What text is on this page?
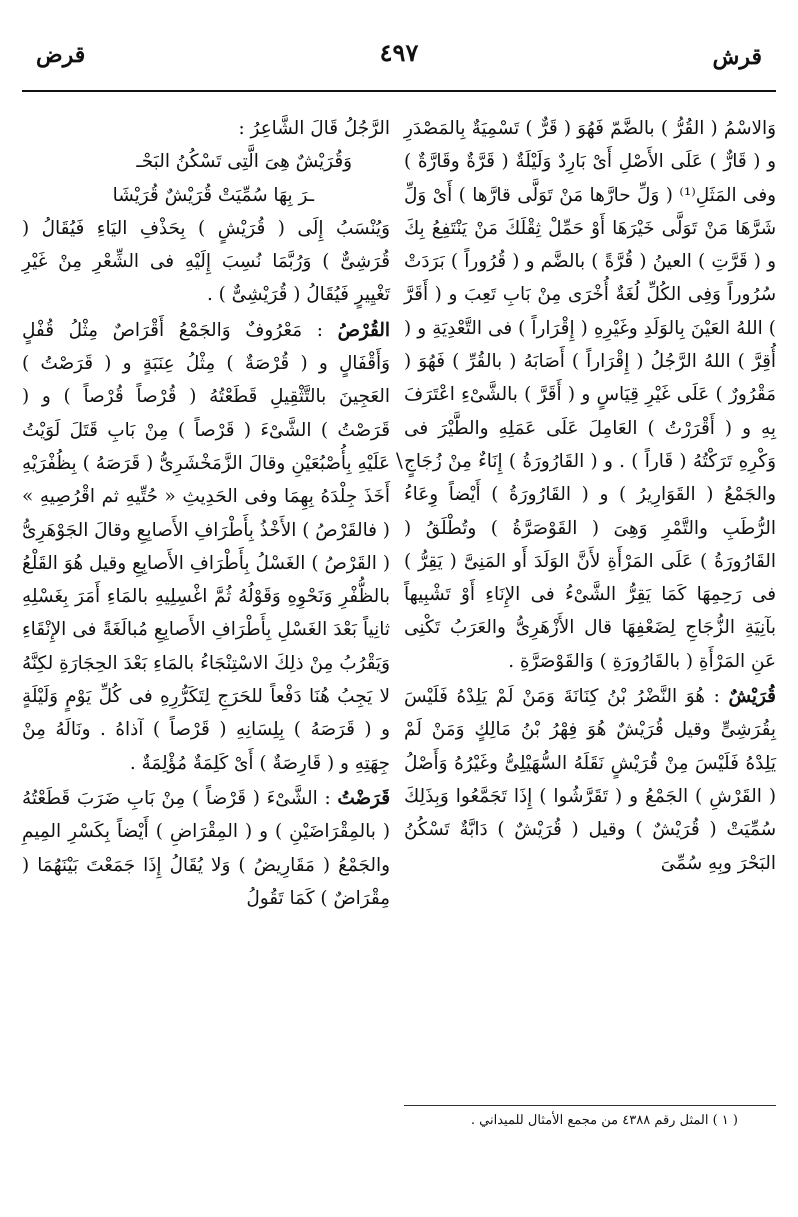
قرش
٤٩٧
قرض

وَالاسْمُ ( القُرُّ ) بالضَّمّ فَهُوَ ( قَرٌّ ) تَسْمِيَةٌ بِالمَصْدَرِ و ( قَارٌّ ) عَلَى الأَصْلِ أَىْ بَارِدٌ وَلَيْلَةٌ ( قَرَّةٌ وقَارَّةٌ ) وفى المَثَلِ⁽¹⁾ ( وَلِّ حارَّها مَنْ تَوَلَّى قارَّها ) أَىْ وَلِّ شَرَّهَا مَنْ تَوَلَّى خَيْرَهَا أَوْ حَمِّلْ ثِقْلَكَ مَنْ يَنْتَفِعُ بِكَ و ( قَرَّتِ ) العينُ ( قُرَّةً ) بالضَّم و ( قُرُوراً ) بَرَدَتْ سُرُوراً وَفِى الكُلِّ لُغَةٌ أُخْرَى مِنْ بَابِ تَعِبَ و ( أَقَرَّ ) اللهُ العَيْنَ بِالوَلَدِ وغَيْرِهِ ( إِقْرَاراً ) فى التَّعْدِيَةِ و ( أُقِرَّ ) اللهُ الرَّجُلُ ( إِقْرَاراً ) أَصَابَهُ ( بالقُرِّ ) فَهُوَ ( مَقْرُورٌ ) عَلَى غَيْرِ قِيَاسٍ و ( أَقَرَّ ) بالشَّىْءِ اعْتَرَفَ بِهِ و ( أَقْرَرْتُ ) العَامِلَ عَلَى عَمَلِهِ والطَّيْرَ فى وَكْرِهِ تَرَكْتُهُ ( قَاراً ) . و ( القَارُورَةُ ) إِنَاءٌ مِنْ زُجَاجٍ والجَمْعُ ( القَوَارِيرُ ) و ( القَارُورَةُ ) أَيْضاً وِعَاءُ الرُّطَبِ والتَّمْرِ وَهِىَ ( القَوْصَرَّةُ ) وتُطْلَقُ ( القَارُورَةُ ) عَلَى المَرْأَةِ لأَنَّ الوَلَدَ أَو المَنِىَّ ( يَقِرُّ ) فى رَحِمِهَا كَمَا يَقِرُّ الشَّىْءُ فى الإِنَاءِ أَوْ تَشْبِيهاً بآنِيَةِ الزُّجَاجِ لِضَعْفِهَا قال الأَزْهَرِىُّ والعَرَبُ تَكْنِى عَنِ المَرْأَةِ ( بالقَارُورَةِ ) وَالقَوْصَرَّةِ .

قُرَيْشٌ : هُوَ النَّضْرُ بْنُ كِنَانَةَ وَمَنْ لَمْ يَلِدْهُ فَلَيْسَ بِقُرَشِىٍّ وقيل قُرَيْشٌ هُوَ فِهْرُ بْنُ مَالِكٍ وَمَنْ لَمْ يَلِدْهُ فَلَيْسَ مِنْ قُرَيْشٍ نَقَلَهُ السُّهَيْلِىُّ وغَيْرُهُ وَأَصْلُ ( القَرْشِ ) الجَمْعُ و ( تَقَرَّشُوا ) إِذَا تَجَمَّعُوا وَبِذَلِكَ سُمِّيَتْ ( قُرَيْشٌ ) وقيل ( قُرَيْشٌ ) دَابَّةٌ تَسْكُنُ البَحْرَ وبِهِ سُمِّىَ

\

الرَّجُلُ قَالَ الشَّاعِرُ :

وَقُرَيْشٌ هِىَ الَّتِى تَسْكُنُ البَحْـ

ـرَ بِهَا سُمِّيَتْ قُرَيْشٌ قُرَيْشَا

وَيُنْسَبُ إِلَى ( قُرَيْشٍ ) بِحَذْفِ اليَاءِ فَيُقَالُ ( قُرَشِىٌّ ) وَرُبَّمَا نُسِبَ إِلَيْهِ فى الشِّعْرِ مِنْ غَيْرِ تَغْيِيرٍ فَيُقَالُ ( قُرَيْشِىٌّ ) .

القُرْصُ : مَعْرُوفٌ وَالجَمْعُ أَقْرَاصٌ مِثْلُ قُفْلٍ وَأَقْفَالٍ و ( قُرْصَةٌ ) مِثْلُ عِنَبَةٍ و ( قَرَصْتُ ) العَجِينَ بالتَّثْقِيلِ قَطَعْتُهُ ( قُرْصاً قُرْصاً ) و ( قَرَصْتُ ) الشَّىْءَ ( قَرْصاً ) مِنْ بَابِ قَتَلَ لَوَيْتُ عَلَيْهِ بِأُصْبُعَيْنِ وقالَ الزَّمَخْشَرِىُّ ( قَرَصَهُ ) بِظُفْرَيْهِ أَخَذَ جِلْدَهُ بِهِمَا وفى الحَدِيثِ « حُتِّيهِ ثم اقْرُصِيهِ » ( فالقَرْصُ ) الأَخْذُ بِأَطْرَافِ الأَصابِعِ وقالَ الجَوْهَرِىُّ ( القَرْصُ ) الغَسْلُ بِأَطْرَافِ الأَصابِعِ وقيل هُوَ القَلْعُ بالظُّفْرِ وَنَحْوِهِ وَقَوْلُهُ ثُمَّ اغْسِلِيهِ بالمَاءِ أَمَرَ بِغَسْلِهِ ثانِياً بَعْدَ الغَسْلِ بِأَطْرَافِ الأَصابِعِ مُبالَغَةً فى الإِنْقَاءِ وَيَقْرُبُ مِنْ ذلِكَ الاسْتِنْجَاءُ بالمَاءِ بَعْدَ الحِجَارَةِ لكِنَّهُ لا يَجِبُ هُنَا دَفْعاً للحَرَجِ لِتَكَرُّرِهِ فى كُلِّ يَوْمٍ وَلَيْلَةٍ و ( قَرَصَهُ ) بِلِسَانِهِ ( قَرْصاً ) آذاهُ . ونَالَهُ مِنْ جِهَتِهِ و ( قَارِصَةٌ ) أَىْ كَلِمَةٌ مُؤْلِمَةٌ .

قَرَضْتُ : الشَّىْءَ ( قَرْضاً ) مِنْ بَابِ ضَرَبَ قَطَعْتُهُ ( بالمِقْرَاضَيْنِ ) و ( المِقْرَاضِ ) أَيْضاً بِكَسْرِ المِيمِ والجَمْعُ ( مَقَارِيضُ ) وَلا يُقَالُ إِذَا جَمَعْتَ بَيْنَهُمَا ( مِقْرَاضٌ ) كَمَا تَقُولُ

( ١ ) المثل رقم ٤٣٨٨ من مجمع الأمثال للميداني .
